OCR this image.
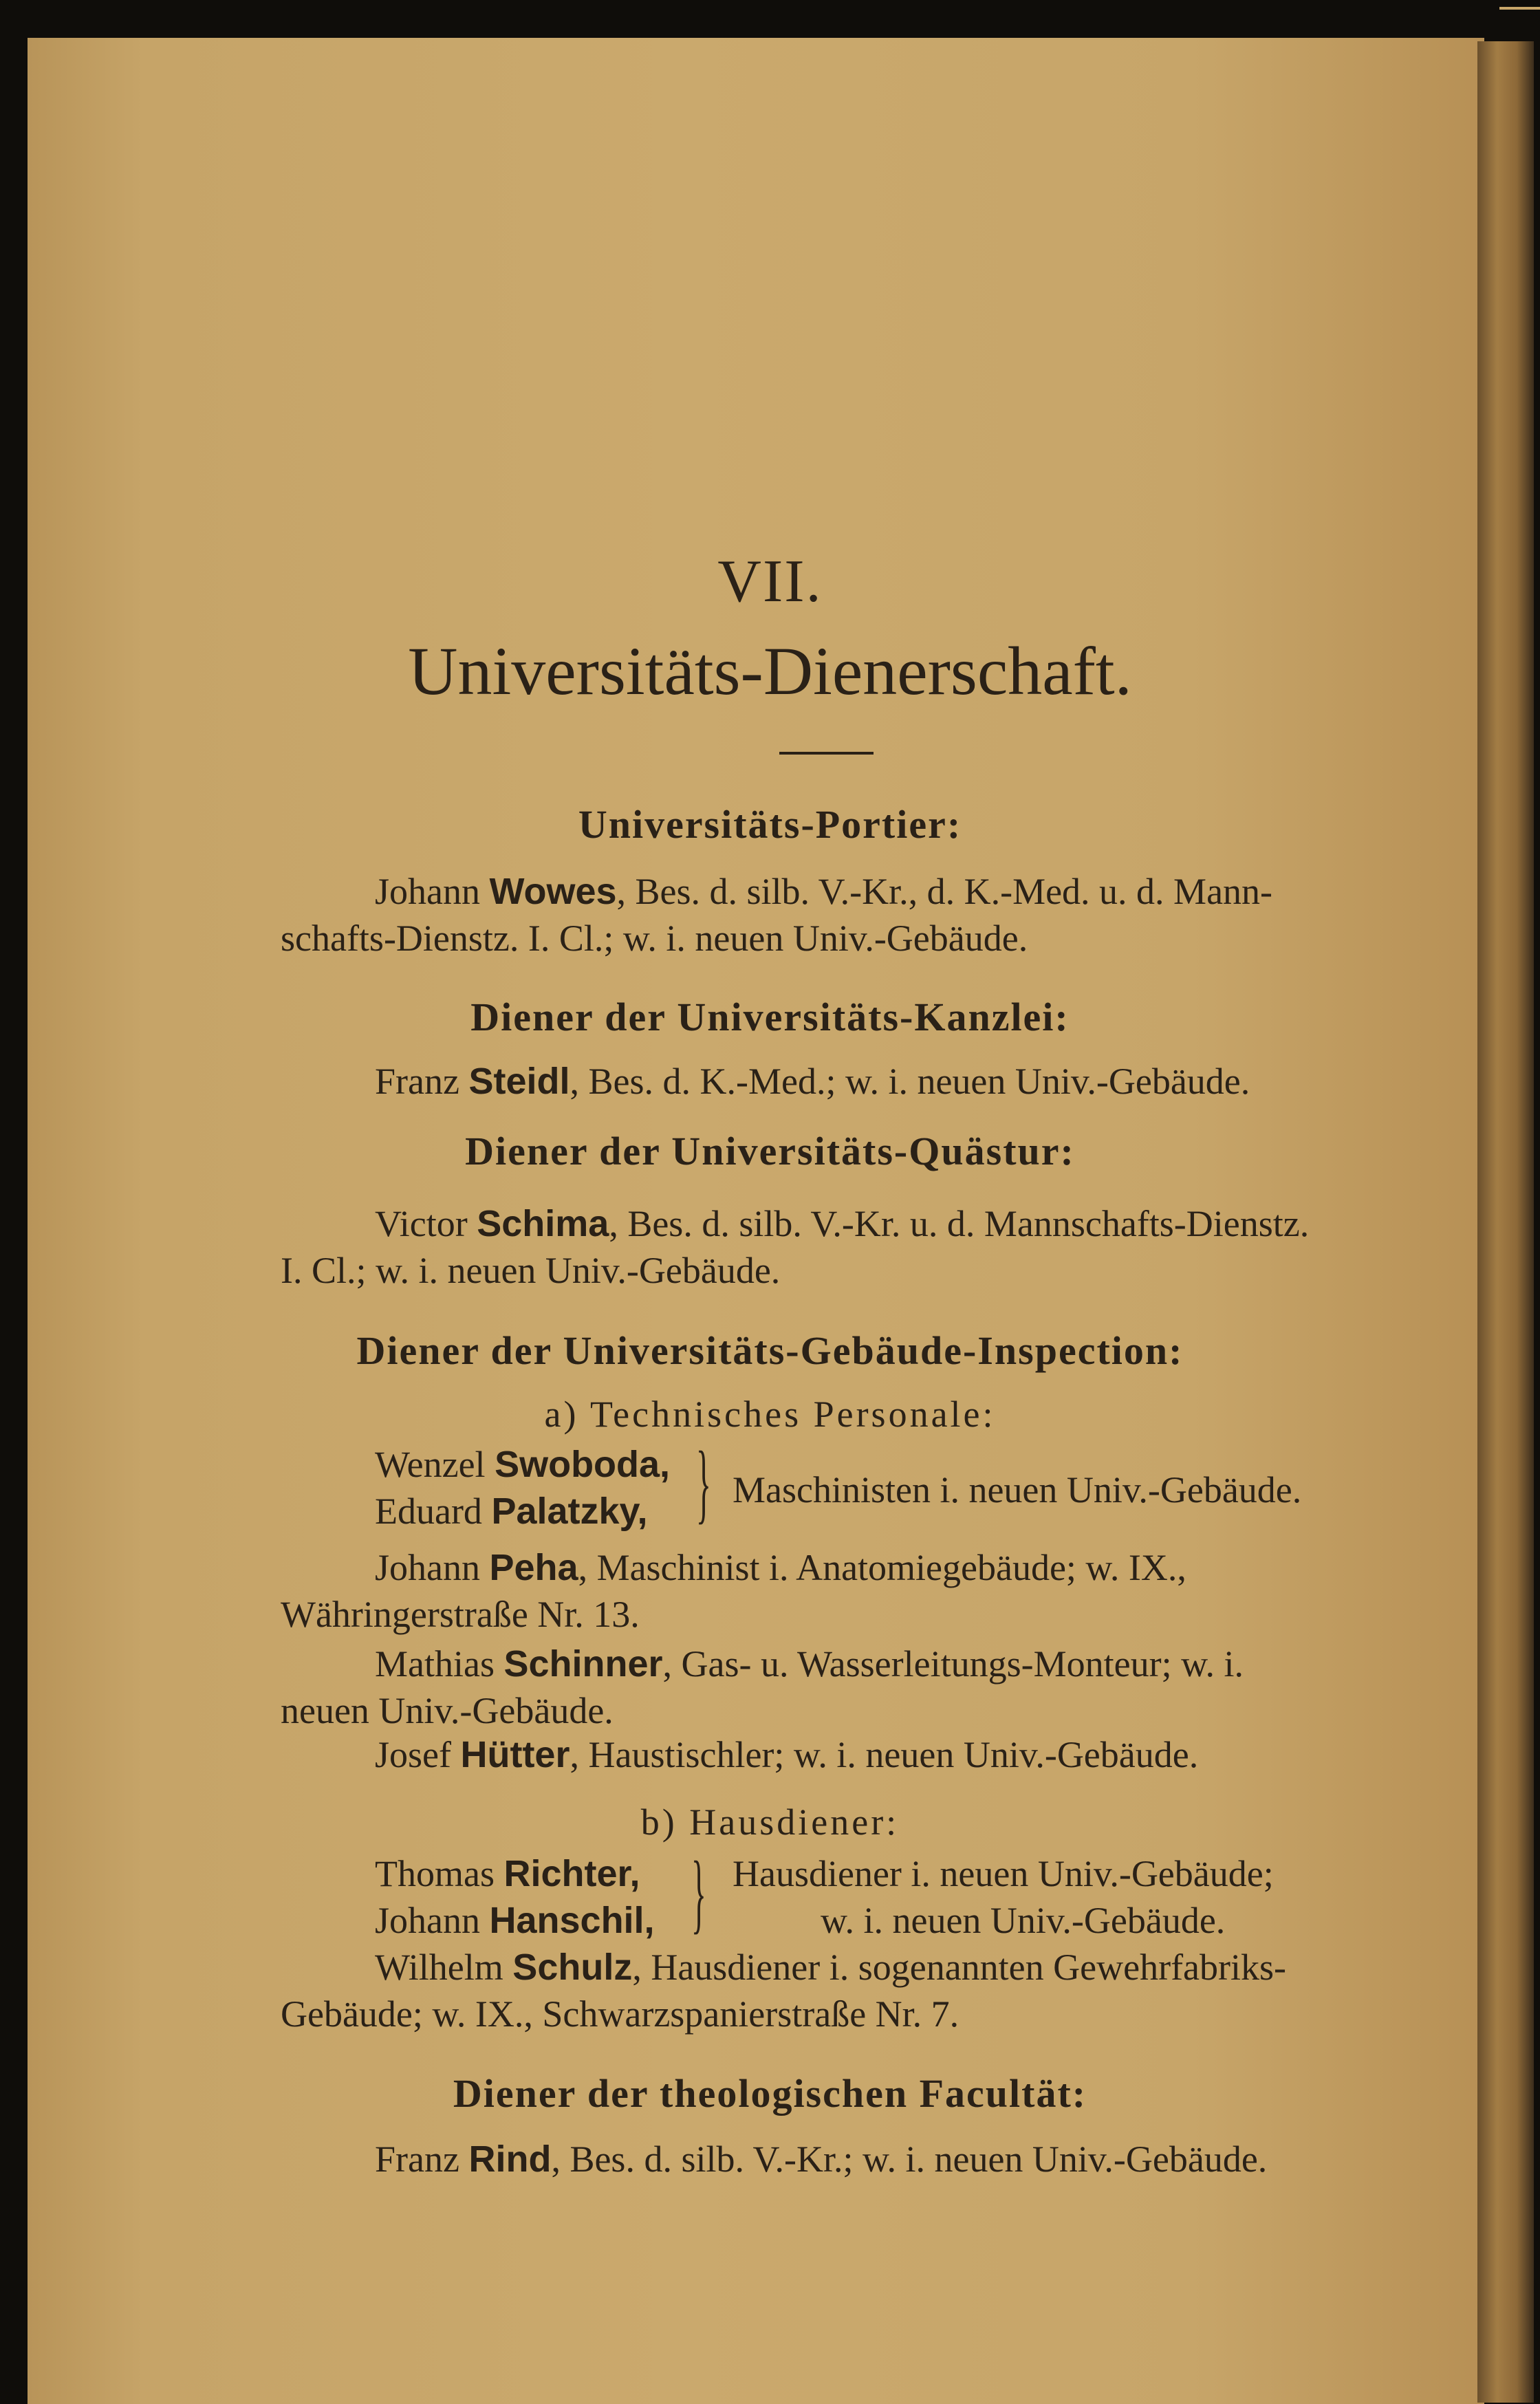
VII.
Universitäts-Dienerschaft.
Universitäts-Portier:
Johann Wowes, Bes. d. silb. V.-Kr., d. K.-Med. u. d. Mann-
schafts-Dienstz. I. Cl.; w. i. neuen Univ.-Gebäude.
Diener der Universitäts-Kanzlei:
Franz Steidl, Bes. d. K.-Med.; w. i. neuen Univ.-Gebäude.
Diener der Universitäts-Quästur:
Victor Schima, Bes. d. silb. V.-Kr. u. d. Mannschafts-Dienstz.
I. Cl.; w. i. neuen Univ.-Gebäude.
Diener der Universitäts-Gebäude-Inspection:
a) Technisches Personale:
Wenzel Swoboda,
Eduard Palatzky, } Maschinisten i. neuen Univ.-Gebäude.
Johann Peha, Maschinist i. Anatomiegebäude; w. IX.,
Währingerstraße Nr. 13.
Mathias Schinner, Gas- u. Wasserleitungs-Monteur; w. i.
neuen Univ.-Gebäude.
Josef Hütter, Haustischler; w. i. neuen Univ.-Gebäude.
b) Hausdiener:
Thomas Richter,
Johann Hanschil, } Hausdiener i. neuen Univ.-Gebäude;
w. i. neuen Univ.-Gebäude.
Wilhelm Schulz, Hausdiener i. sogenannten Gewehrfabriks-
Gebäude; w. IX., Schwarzspanierstraße Nr. 7.
Diener der theologischen Facultät:
Franz Rind, Bes. d. silb. V.-Kr.; w. i. neuen Univ.-Gebäude.
